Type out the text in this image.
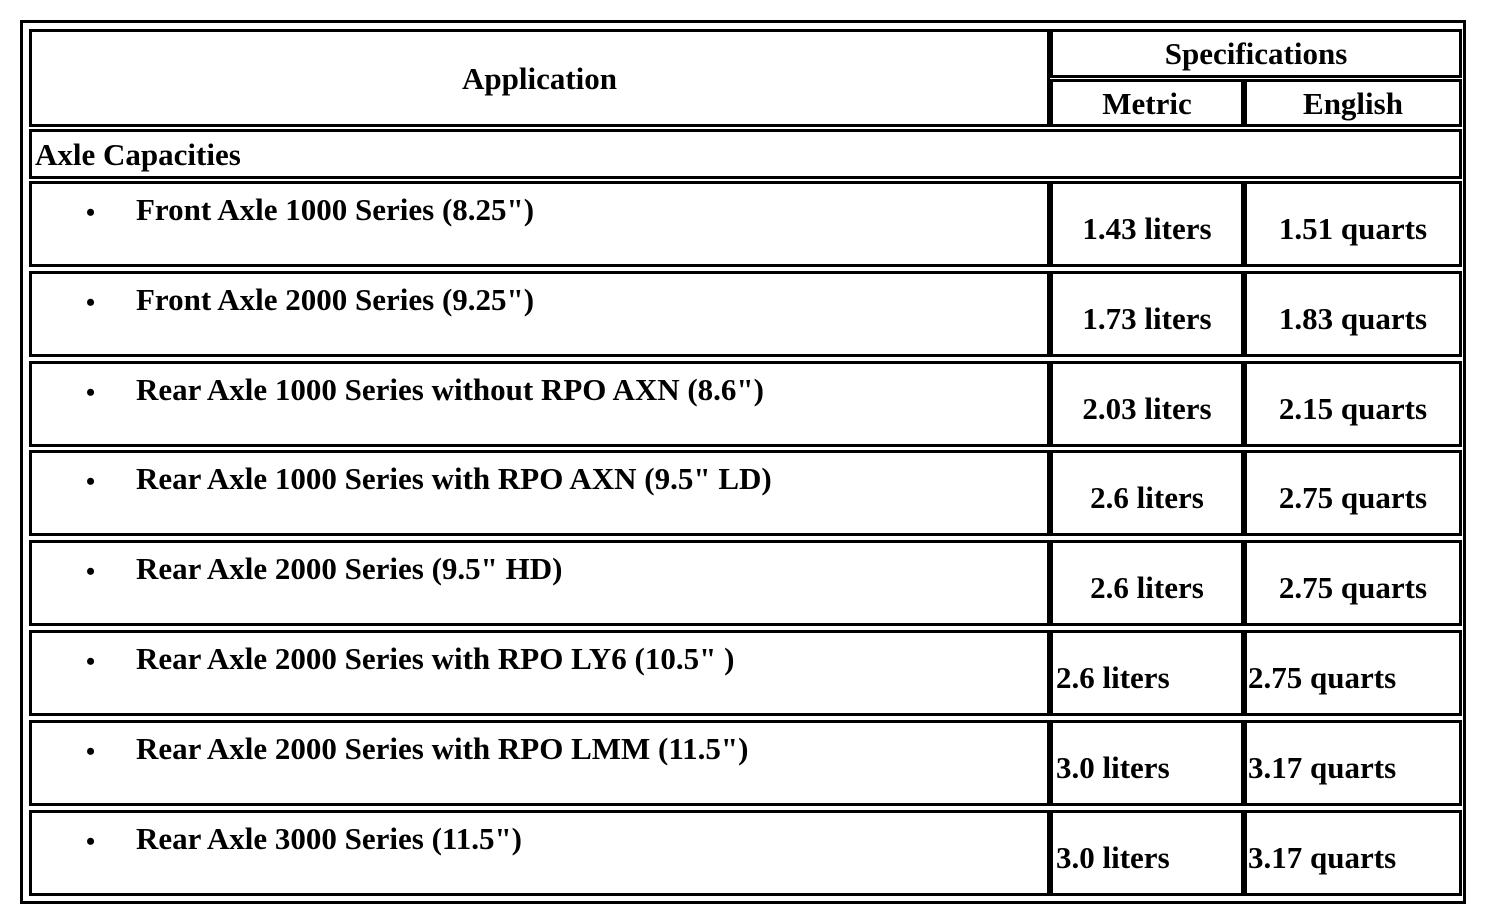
Application
Specifications
Metric	English
Axle Capacities
• Front Axle 1000 Series (8.25")
1.43 liters 1.51 quarts
• Front Axle 2000 Series (9.25")
1.73 liters 1.83 quarts
• Rear Axle 1000 Series without RPO AXN (8.6")
2.03 liters 2.15 quarts
• Rear Axle 1000 Series with RPO AXN (9.5" LD)
2.6 liters 2.75 quarts
• Rear Axle 2000 Series (9.5" HD)
2.6 liters 2.75 quarts
• Rear Axle 2000 Series with RPO LY6 (10.5" )
2.6 liters	2.75 quarts
• Rear Axle 2000 Series with RPO LMM (11.5")
3.0 liters	3.17 quarts
• Rear Axle 3000 Series (11.5")
3.0 liters	3.17 quarts
